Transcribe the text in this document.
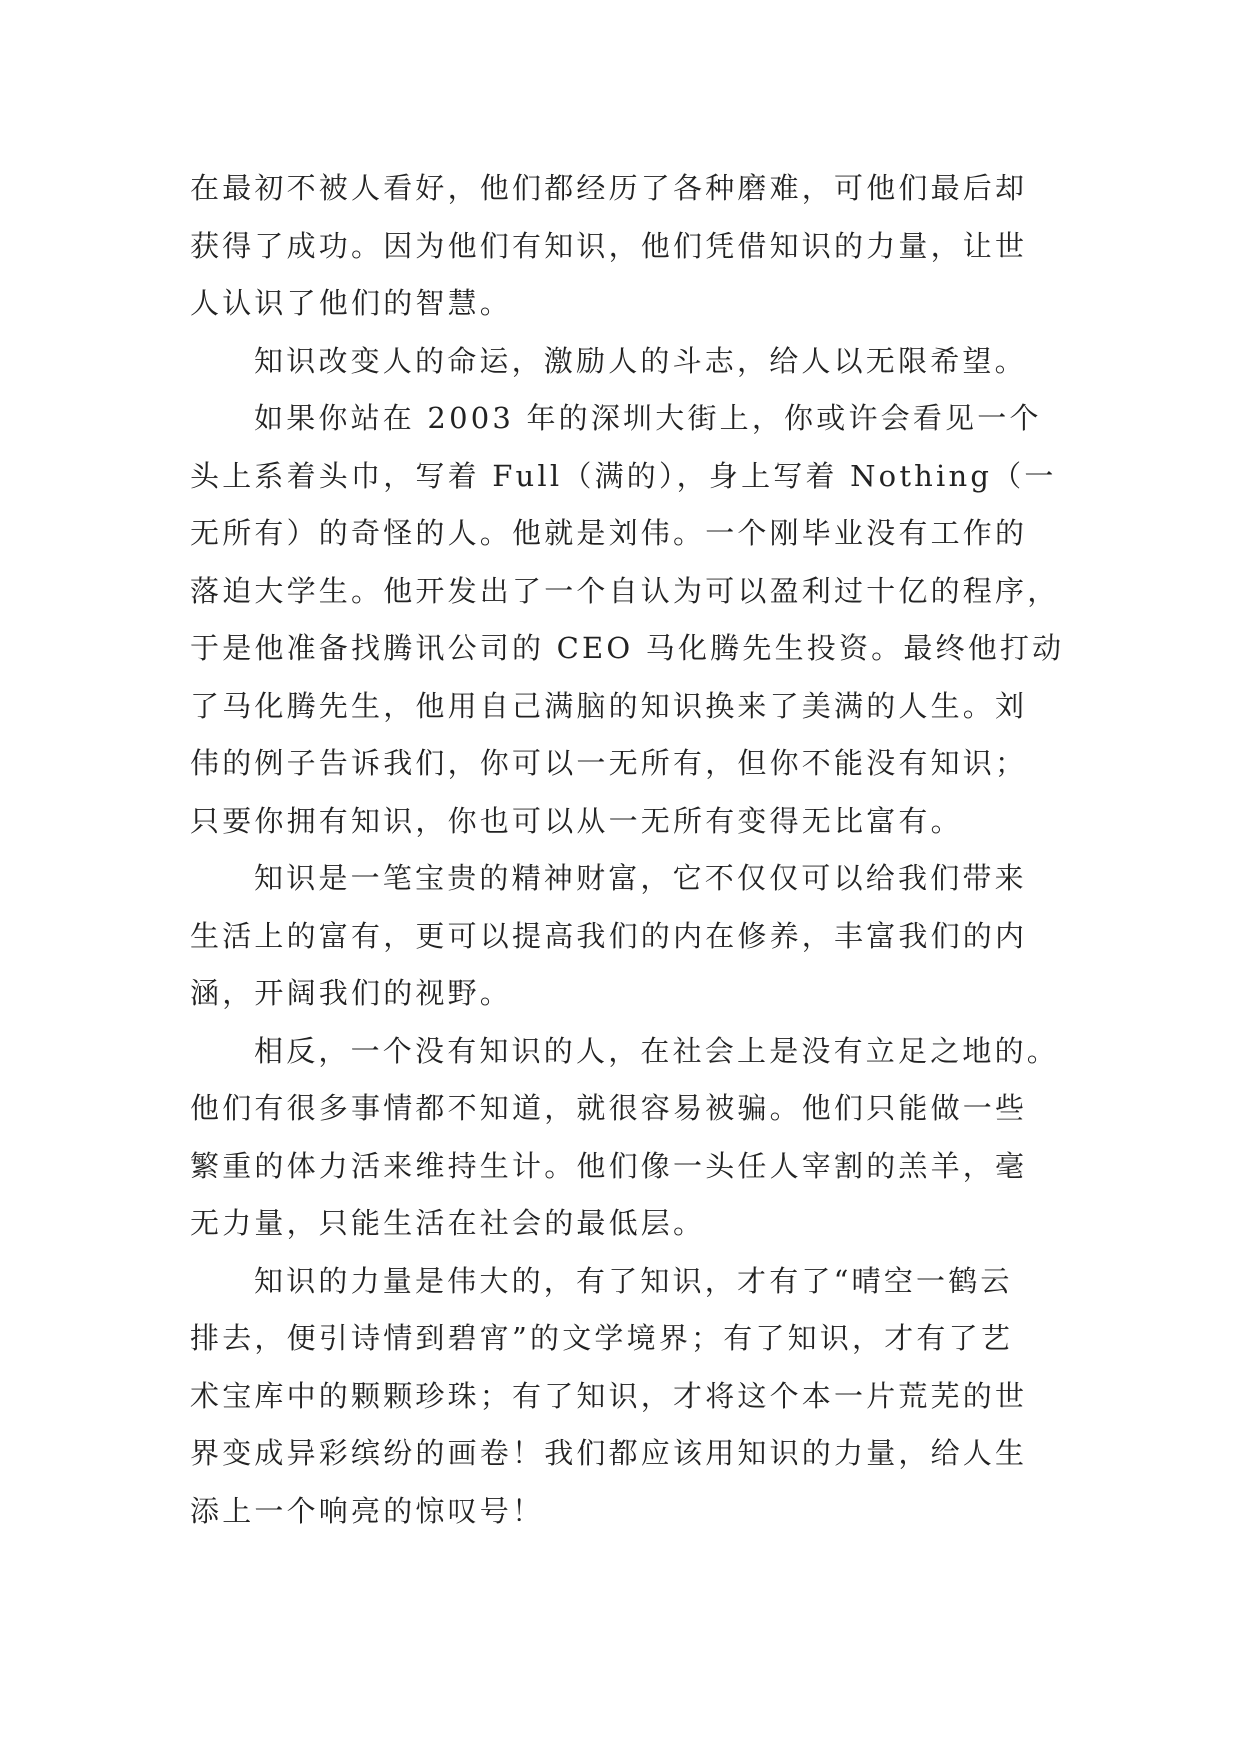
在最初不被人看好，他们都经历了各种磨难，可他们最后却
获得了成功。因为他们有知识，他们凭借知识的力量，让世
人认识了他们的智慧。
知识改变人的命运，激励人的斗志，给人以无限希望。
如果你站在 2003 年的深圳大街上，你或许会看见一个
头上系着头巾，写着 Full（满的），身上写着 Nothing（一
无所有）的奇怪的人。他就是刘伟。一个刚毕业没有工作的
落迫大学生。他开发出了一个自认为可以盈利过十亿的程序，
于是他准备找腾讯公司的 CEO 马化腾先生投资。最终他打动
了马化腾先生，他用自己满脑的知识换来了美满的人生。刘
伟的例子告诉我们，你可以一无所有，但你不能没有知识；
只要你拥有知识，你也可以从一无所有变得无比富有。
知识是一笔宝贵的精神财富，它不仅仅可以给我们带来
生活上的富有，更可以提高我们的内在修养，丰富我们的内
涵，开阔我们的视野。
相反，一个没有知识的人，在社会上是没有立足之地的。
他们有很多事情都不知道，就很容易被骗。他们只能做一些
繁重的体力活来维持生计。他们像一头任人宰割的羔羊，毫
无力量，只能生活在社会的最低层。
知识的力量是伟大的，有了知识，才有了“晴空一鹤云
排去，便引诗情到碧宵”的文学境界；有了知识，才有了艺
术宝库中的颗颗珍珠；有了知识，才将这个本一片荒芜的世
界变成异彩缤纷的画卷！我们都应该用知识的力量，给人生
添上一个响亮的惊叹号！
